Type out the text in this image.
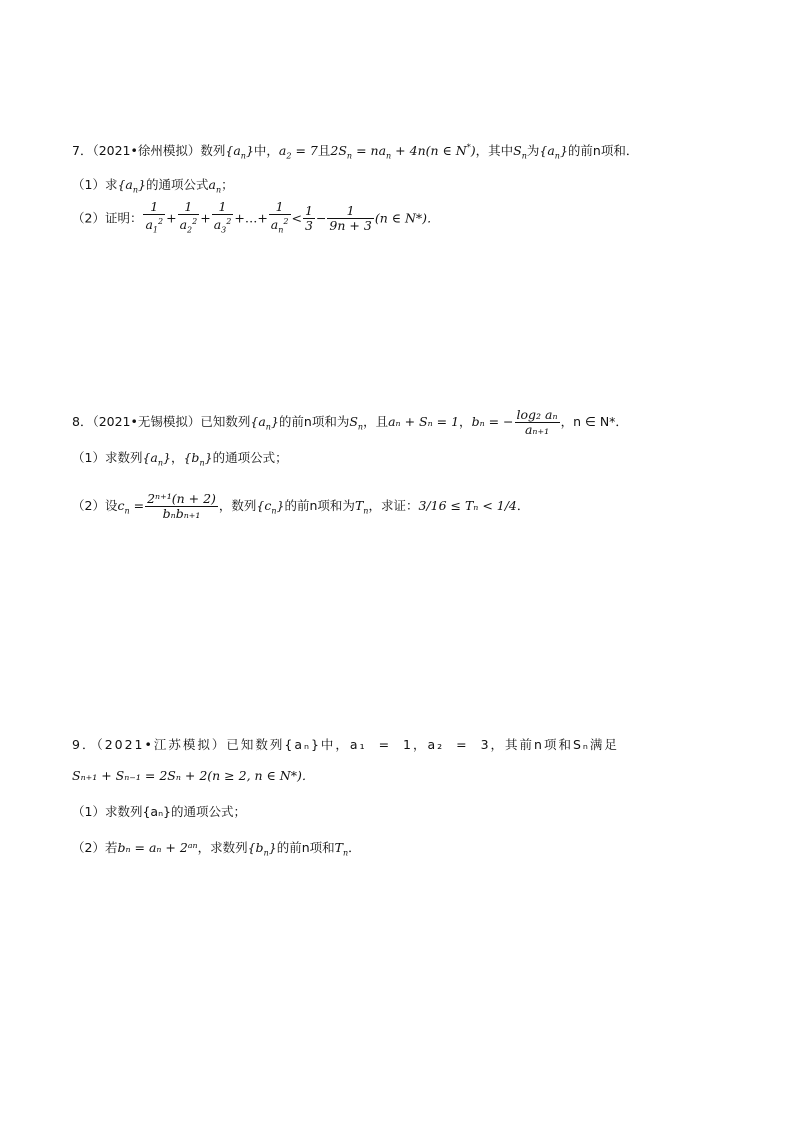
7．（2021•徐州模拟）数列$\{a_n\}$中，$a_2 = 7$且$2S_n = na_n + 4n(n$ ∈ N*)，其中$S_n$为$\{a_n\}$的前n项和．
（1）求$\{a_n\}$的通项公式$a_n$；
（2）证明： $\frac{1}{a_1^2} + \frac{1}{a_2^2} + \frac{1}{a_3^2}$ +…+ $\frac{1}{a_n^2} < \frac{1}{3} - \frac{1}{9n + 3} (n$ ∈ N*)．
8．（2021•无锡模拟）已知数列$\{a_n\}$的前n项和为$S_n$，且aₙ + Sₙ = 1，bₙ = − $\frac{\text{log₂ aₙ}}{\text{aₙ₊₁}}$ ，n ∈ N*．
（1）求数列$\{a_n\}$，$\{b_n\}$的通项公式；
（2）设$c_n = \frac{\text{2ⁿ⁺¹(n + 2)}}{\text{bₙbₙ₊₁}}$ ，数列$\{c_n\}$的前n项和为$T_n$，求证：3/16 ≤ Tₙ < 1/4．
9．（2021•江苏模拟）已知数列{aₙ}中，a₁ = 1，a₂ = 3，其前n项和Sₙ满足
Sₙ₊₁ + Sₙ₋₁ = 2Sₙ + 2(n ≥ 2, n ∈ N*)．
（1）求数列{aₙ}的通项公式；
（2）若bₙ = aₙ + 2ᵃⁿ，求数列$\{b_n\}$的前n项和$T_n$．
